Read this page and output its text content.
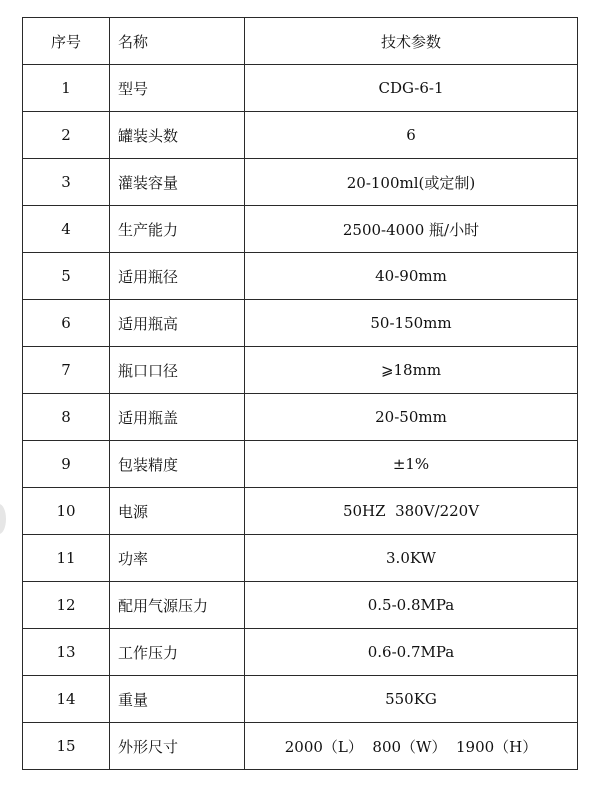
序号	名称	技术参数
1	型号	CDG-6-1
2	罐装头数	6
3	灌装容量	20-100ml(或定制)
4	生产能力	2500-4000 瓶/小时
5	适用瓶径	40-90mm
6	适用瓶高	50-150mm
7	瓶口口径	⩾18mm
8	适用瓶盖	20-50mm
9	包装精度	±1%
10	电源	50HZ  380V/220V
11	功率	3.0KW
12	配用气源压力	0.5-0.8MPa
13	工作压力	0.6-0.7MPa
14	重量	550KG
15	外形尺寸	2000（L）  800（W）  1900（H）
